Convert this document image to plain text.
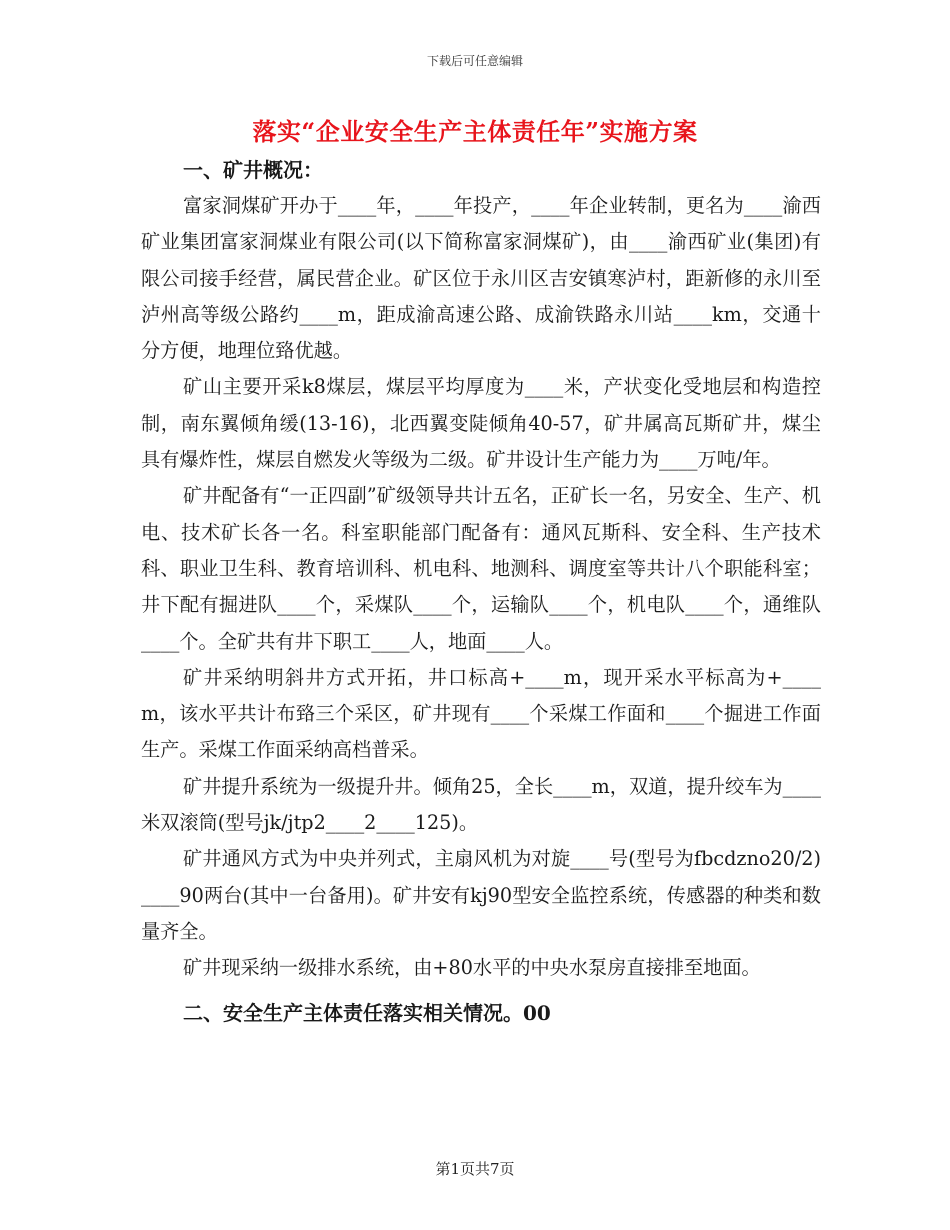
下载后可任意编辑
落实“企业安全生产主体责任年”实施方案
一、矿井概况：

富家洞煤矿开办于____年，____年投产，____年企业转制，更名为____渝西矿业集团富家洞煤业有限公司(以下简称富家洞煤矿)，由____渝西矿业(集团)有限公司接手经营，属民营企业。矿区位于永川区吉安镇寒泸村，距新修的永川至泸州高等级公路约____m，距成渝高速公路、成渝铁路永川站____km，交通十分方便，地理位臵优越。

矿山主要开采k8煤层，煤层平均厚度为____米，产状变化受地层和构造控制，南东翼倾角缓(13-16)，北西翼变陡倾角40-57，矿井属高瓦斯矿井，煤尘具有爆炸性，煤层自燃发火等级为二级。矿井设计生产能力为____万吨/年。

矿井配备有“一正四副”矿级领导共计五名，正矿长一名，另安全、生产、机电、技术矿长各一名。科室职能部门配备有：通风瓦斯科、安全科、生产技术科、职业卫生科、教育培训科、机电科、地测科、调度室等共计八个职能科室；井下配有掘进队____个，采煤队____个，运输队____个，机电队____个，通维队____个。全矿共有井下职工____人，地面____人。

矿井采纳明斜井方式开拓，井口标高+____m，现开采水平标高为+____m，该水平共计布臵三个采区，矿井现有____个采煤工作面和____个掘进工作面生产。采煤工作面采纳高档普采。

矿井提升系统为一级提升井。倾角25，全长____m，双道，提升绞车为____米双滚筒(型号jk/jtp2____2____125)。

矿井通风方式为中央并列式，主扇风机为对旋____号(型号为fbcdzno20/2)____90两台(其中一台备用)。矿井安有kj90型安全监控系统，传感器的种类和数量齐全。

矿井现采纳一级排水系统，由+80水平的中央水泵房直接排至地面。

二、安全生产主体责任落实相关情况。00
第1页共7页
